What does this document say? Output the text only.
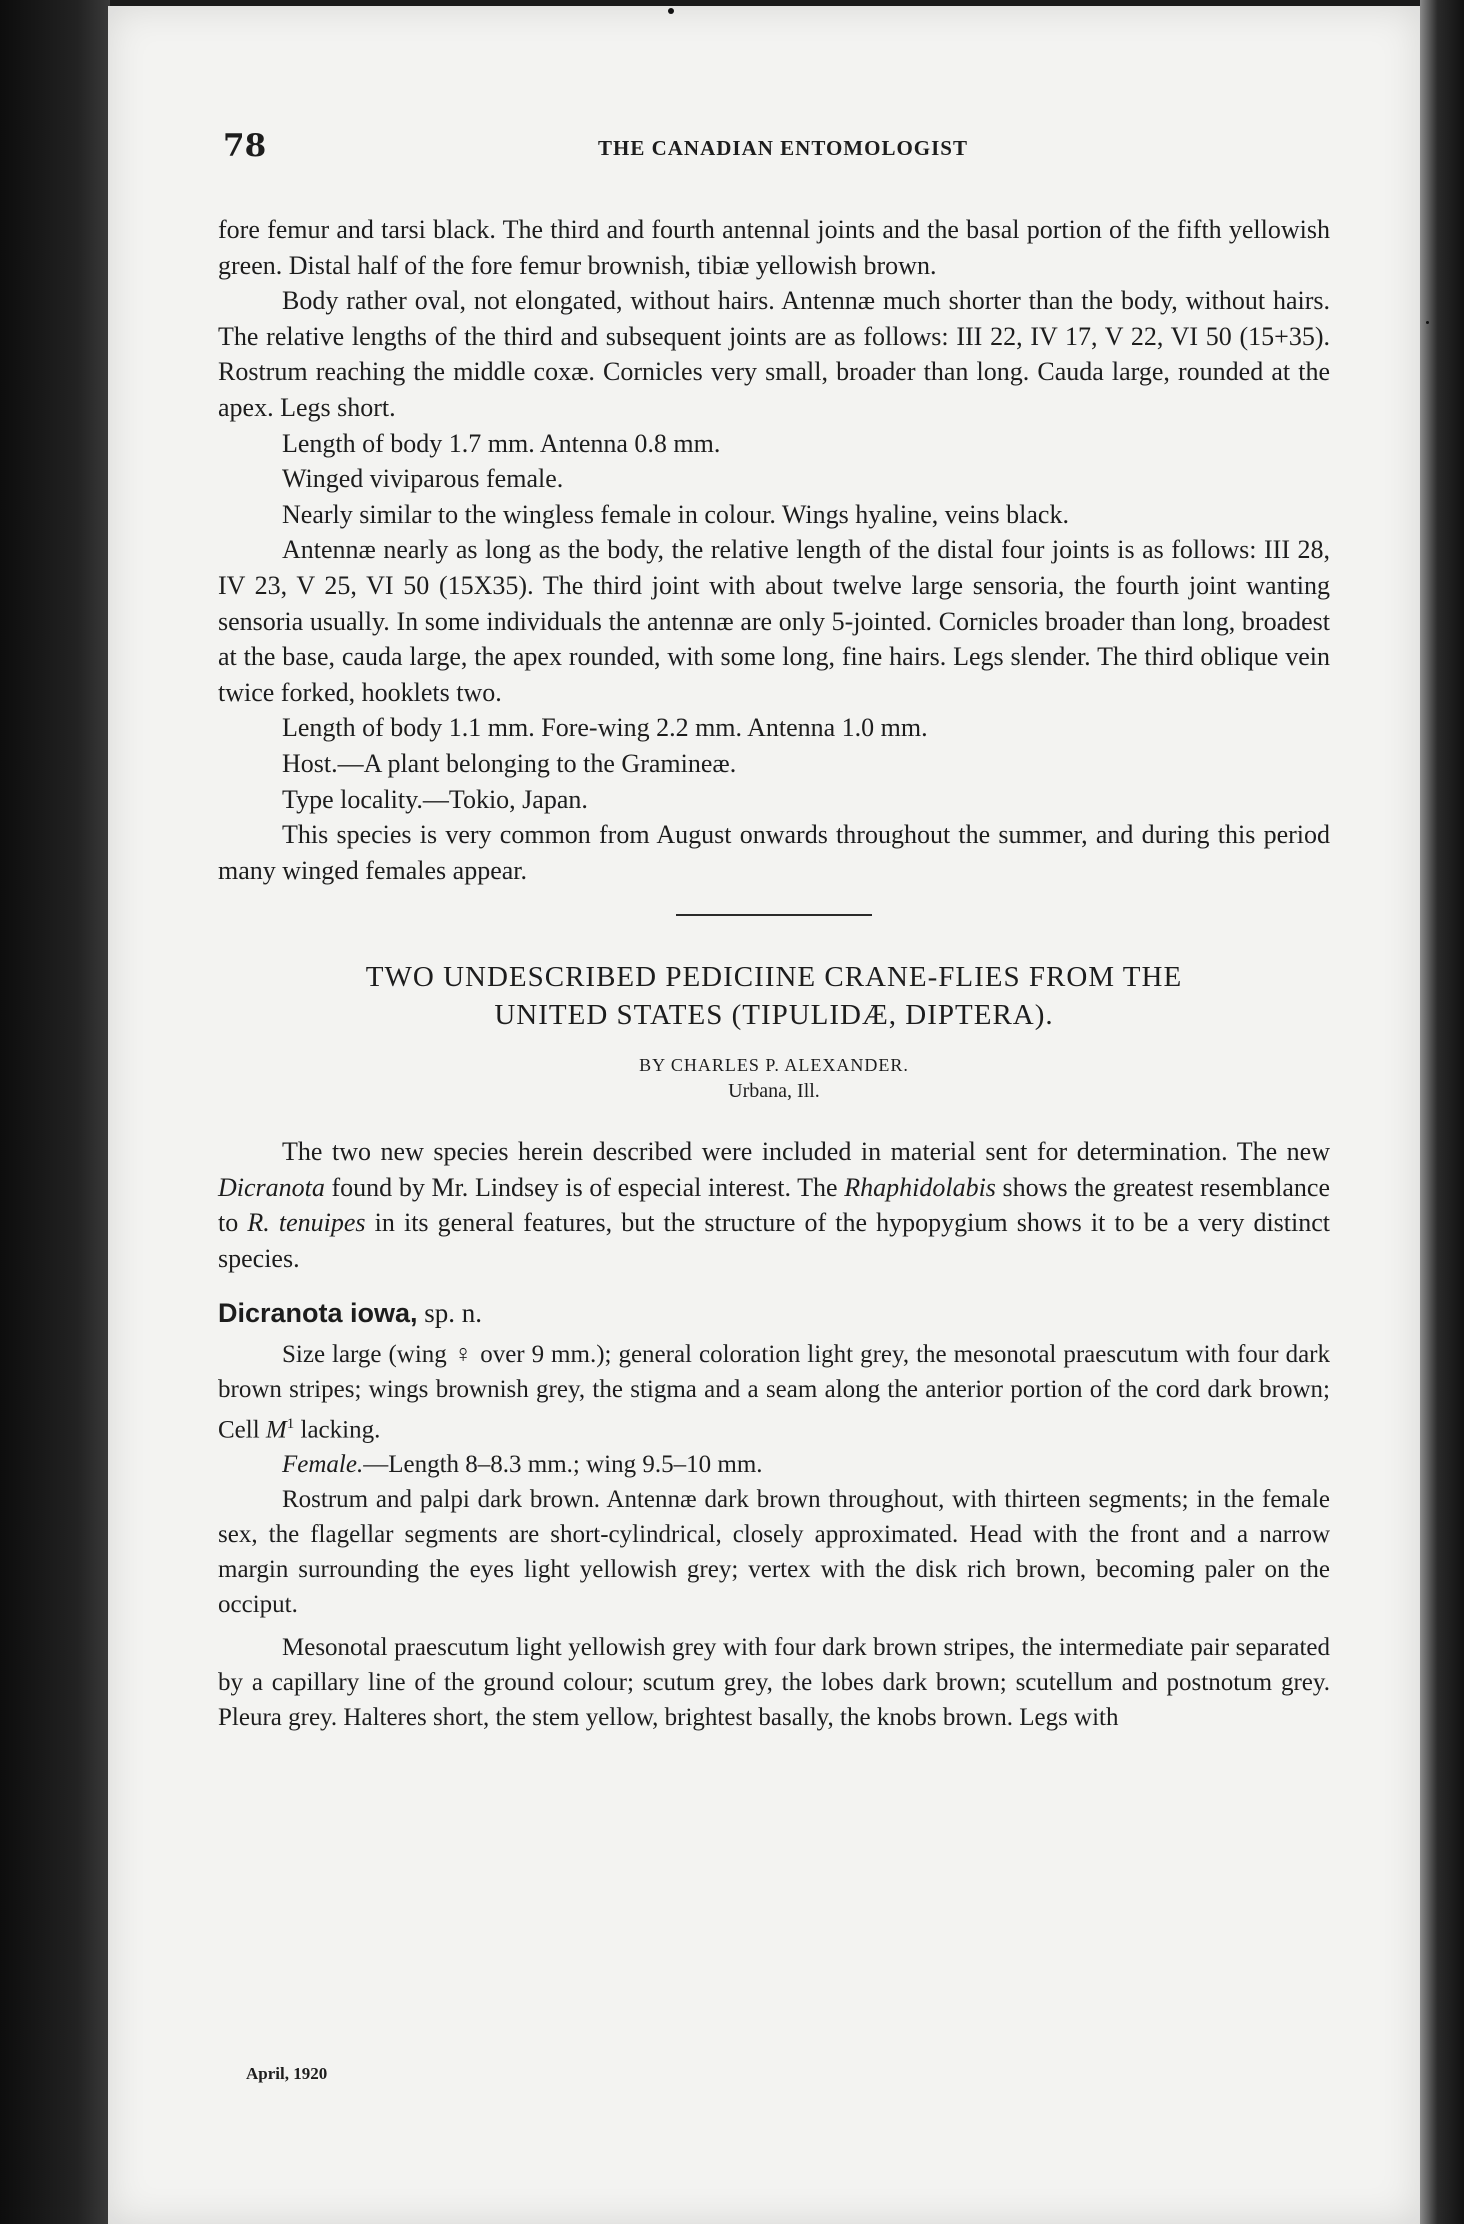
78	THE CANADIAN ENTOMOLOGIST

fore femur and tarsi black. The third and fourth antennal joints and the basal portion of the fifth yellowish green. Distal half of the fore femur brownish, tibiæ yellowish brown.

Body rather oval, not elongated, without hairs. Antennæ much shorter than the body, without hairs. The relative lengths of the third and subsequent joints are as follows: III 22, IV 17, V 22, VI 50 (15+35). Rostrum reaching the middle coxæ. Cornicles very small, broader than long. Cauda large, rounded at the apex. Legs short.

Length of body 1.7 mm. Antenna 0.8 mm.

Winged viviparous female.

Nearly similar to the wingless female in colour. Wings hyaline, veins black.

Antennæ nearly as long as the body, the relative length of the distal four joints is as follows: III 28, IV 23, V 25, VI 50 (15X35). The third joint with about twelve large sensoria, the fourth joint wanting sensoria usually. In some individuals the antennæ are only 5-jointed. Cornicles broader than long, broadest at the base, cauda large, the apex rounded, with some long, fine hairs. Legs slender. The third oblique vein twice forked, hooklets two.

Length of body 1.1 mm. Fore-wing 2.2 mm. Antenna 1.0 mm.

Host.—A plant belonging to the Gramineæ.

Type locality.—Tokio, Japan.

This species is very common from August onwards throughout the summer, and during this period many winged females appear.

TWO UNDESCRIBED PEDICIINE CRANE-FLIES FROM THE
UNITED STATES (TIPULIDÆ, DIPTERA).
BY CHARLES P. ALEXANDER.
Urbana, Ill.

The two new species herein described were included in material sent for determination. The new Dicranota found by Mr. Lindsey is of especial interest. The Rhaphidolabis shows the greatest resemblance to R. tenuipes in its general features, but the structure of the hypopygium shows it to be a very distinct species.

Dicranota iowa, sp. n.

Size large (wing ♀ over 9 mm.); general coloration light grey, the mesonotal praescutum with four dark brown stripes; wings brownish grey, the stigma and a seam along the anterior portion of the cord dark brown; Cell $M^1$ lacking.

Female.—Length 8–8.3 mm.; wing 9.5–10 mm.

Rostrum and palpi dark brown. Antennæ dark brown throughout, with thirteen segments; in the female sex, the flagellar segments are short-cylindrical, closely approximated. Head with the front and a narrow margin surrounding the eyes light yellowish grey; vertex with the disk rich brown, becoming paler on the occiput.

Mesonotal praescutum light yellowish grey with four dark brown stripes, the intermediate pair separated by a capillary line of the ground colour; scutum grey, the lobes dark brown; scutellum and postnotum grey. Pleura grey. Halteres short, the stem yellow, brightest basally, the knobs brown. Legs with

April, 1920
